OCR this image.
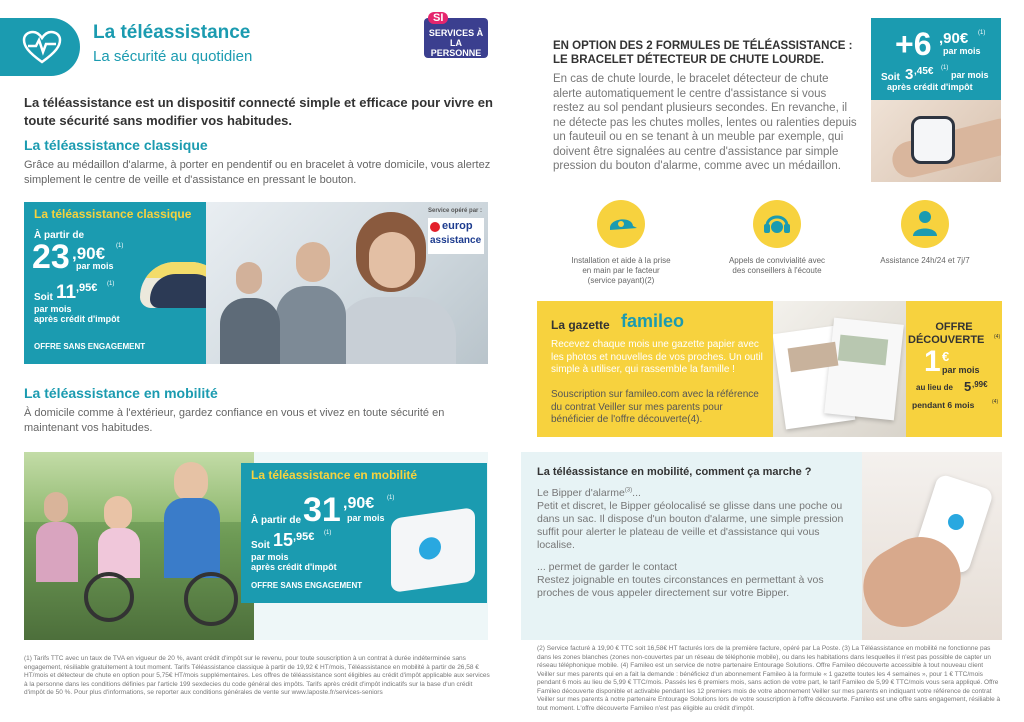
La téléassistance
La sécurité au quotidien
SI
SERVICES À LA PERSONNE
La téléassistance est un dispositif connecté simple et efficace pour vivre en toute sécurité sans modifier vos habitudes.
La téléassistance classique
Grâce au médaillon d'alarme, à porter en pendentif ou en bracelet à votre domicile, vous alertez simplement le centre de veille et d'assistance en pressant le bouton.
La téléassistance classique
À partir de
23 ,90€ (1)
par mois
Soit 11 ,95€ (1)
par mois
après crédit d'impôt
OFFRE SANS ENGAGEMENT
Service opéré par :
europ
assistance
La téléassistance en mobilité
À domicile comme à l'extérieur, gardez confiance en vous et vivez en toute sécurité en maintenant vos habitudes.
La téléassistance en mobilité
À partir de 31 ,90€ (1)
par mois
Soit 15 ,95€ (1)
par mois
après crédit d'impôt
OFFRE SANS ENGAGEMENT
EN OPTION DES 2 FORMULES DE TÉLÉASSISTANCE :
LE BRACELET DÉTECTEUR DE CHUTE LOURDE.
En cas de chute lourde, le bracelet détecteur de chute alerte automatiquement le centre d'assistance si vous restez au sol pendant plusieurs secondes. En revanche, il ne détecte pas les chutes molles, lentes ou ralenties depuis un fauteuil ou en se tenant à un meuble par exemple, qui doivent être signalées au centre d'assistance par simple pression du bouton d'alarme, comme avec un médaillon.
+6 ,90€ (1)
par mois
Soit 3 ,45€ (1)
par mois
après crédit d'impôt
Installation et aide à la prise en main par le facteur (service payant)(2)
Appels de convivialité avec des conseillers à l'écoute
Assistance 24h/24 et 7j/7
La gazette famileo
Recevez chaque mois une gazette papier avec les photos et nouvelles de vos proches. Un outil simple à utiliser, qui rassemble la famille !
Souscription sur famileo.com avec la référence du contrat Veiller sur mes parents pour bénéficier de l'offre découverte(4).
OFFRE
DÉCOUVERTE (4)
1 €
par mois
au lieu de 5 ,99€
pendant 6 mois	(4)
La téléassistance en mobilité, comment ça marche ?
Le Bipper d'alarme$^{(3)}$...
Petit et discret, le Bipper géolocalisé se glisse dans une poche ou dans un sac. Il dispose d'un bouton d'alarme, une simple pression suffit pour alerter le plateau de veille et d'assistance qui vous localise.
... permet de garder le contact
Restez joignable en toutes circonstances en permettant à vos proches de vous appeler directement sur votre Bipper.
(1) Tarifs TTC avec un taux de TVA en vigueur de 20 %, avant crédit d'impôt sur le revenu, pour toute souscription à un contrat à durée indéterminée sans engagement, résiliable gratuitement à tout moment. Tarifs Téléassistance classique à partir de 19,92 € HT/mois, Téléassistance en mobilité à partir de 26,58 € HT/mois et détecteur de chute en option pour 5,75€ HT/mois supplémentaires. Les offres de téléassistance sont éligibles au crédit d'impôt applicable aux services à la personne dans les conditions définies par l'article 199 sexdecies du code général des impôts. Tarifs après crédit d'impôt indicatifs sur la base d'un crédit d'impôt de 50 %. Pour plus d'informations, se reporter aux conditions générales de vente sur www.laposte.fr/services-seniors
(2) Service facturé à 19,90 € TTC soit 16,58€ HT facturés lors de la première facture, opéré par La Poste. (3) La Téléassistance en mobilité ne fonctionne pas dans les zones blanches (zones non-couvertes par un réseau de téléphonie mobile), ou dans les habitations dans lesquelles il n'est pas possible de capter un réseau téléphonique mobile. (4) Famileo est un service de notre partenaire Entourage Solutions. Offre Famileo découverte accessible à tout nouveau client Veiller sur mes parents qui en a fait la demande : bénéficiez d'un abonnement Famileo à la formule « 1 gazette toutes les 4 semaines », pour 1 € TTC/mois pendant 6 mois au lieu de 5,99 € TTC/mois. Passés les 6 premiers mois, sans action de votre part, le tarif Famileo de 5,99 € TTC/mois vous sera appliqué. Offre Famileo découverte disponible et activable pendant les 12 premiers mois de votre abonnement Veiller sur mes parents en indiquant votre référence de contrat Veiller sur mes parents à notre partenaire Entourage Solutions lors de votre souscription à l'offre découverte. Famileo est une offre sans engagement, résiliable à tout moment. L'offre découverte Famileo n'est pas éligible au crédit d'impôt.
